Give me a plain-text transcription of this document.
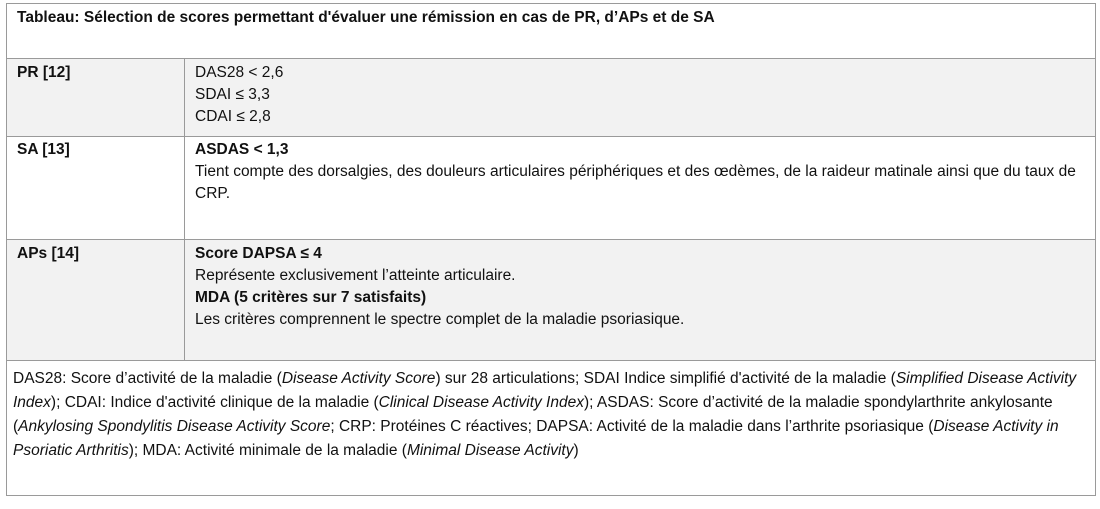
Tableau: Sélection de scores permettant d'évaluer une rémission en cas de PR, d’APs et de SA	
PR [12]	DAS28 < 2,6
SDAI ≤ 3,3
CDAI ≤ 2,8

SA [13]	ASDAS < 1,3
Tient compte des dorsalgies, des douleurs articulaires périphériques et des œdèmes, de la raideur matinale ainsi que du taux de CRP.

APs [14]	Score DAPSA ≤ 4
Représente exclusivement l’atteinte articulaire.
MDA (5 critères sur 7 satisfaits)
Les critères comprennent le spectre complet de la maladie psoriasique.

DAS28: Score d’activité de la maladie (Disease Activity Score) sur 28 articulations; SDAI Indice simplifié d'activité de la maladie (Simplified Disease Activity Index); CDAI: Indice d'activité clinique de la maladie (Clinical Disease Activity Index); ASDAS: Score d’activité de la maladie spondylarthrite ankylosante (Ankylosing Spondylitis Disease Activity Score; CRP: Protéines C réactives; DAPSA: Activité de la maladie dans l’arthrite psoriasique (Disease Activity in Psoriatic Arthritis); MDA: Activité minimale de la maladie (Minimal Disease Activity)	
